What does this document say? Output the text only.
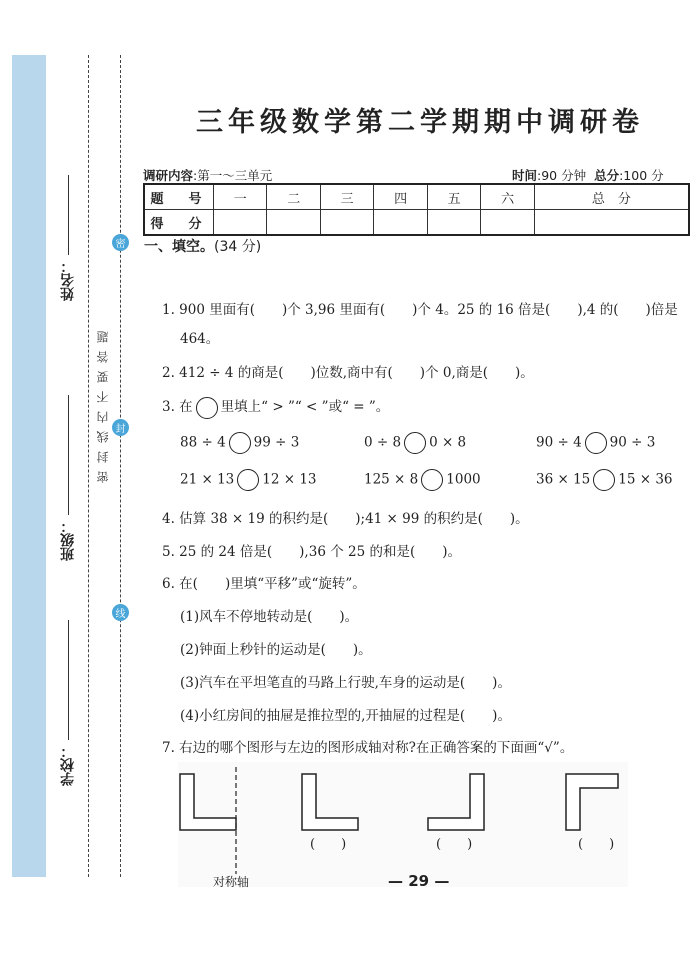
姓名：
班级：
学校：
密封线内不要答题
密
封
线
三年级数学第二学期期中调研卷
调研内容:第一～三单元	时间:90 分钟 总分:100 分
题　号	一	二	三	四	五	六	总　分
得　分							
一、填空。(34 分)
1. 900 里面有(　　)个 3,96 里面有(　　)个 4。25 的 16 倍是(　　),4 的(　　)倍是
464。
2. 412 ÷ 4 的商是(　　)位数,商中有(　　)个 0,商是(　　)。
3. 在 里填上“ > ”“ < ”或“ = ”。
88 ÷ 4 99 ÷ 3	0 ÷ 8 0 × 8	90 ÷ 4 90 ÷ 3
21 × 13 12 × 13	125 × 8 1000	36 × 15 15 × 36
4. 估算 38 × 19 的积约是(　　);41 × 99 的积约是(　　)。
5. 25 的 24 倍是(　　),36 个 25 的和是(　　)。
6. 在(　　)里填“平移”或“旋转”。
(1)风车不停地转动是(　　)。
(2)钟面上秒针的运动是(　　)。
(3)汽车在平坦笔直的马路上行驶,车身的运动是(　　)。
(4)小红房间的抽屉是推拉型的,开抽屉的过程是(　　)。
7. 右边的哪个图形与左边的图形成轴对称?在正确答案的下面画“√”。
(　　)	(　　)	(　　)
对称轴	— 29 —
